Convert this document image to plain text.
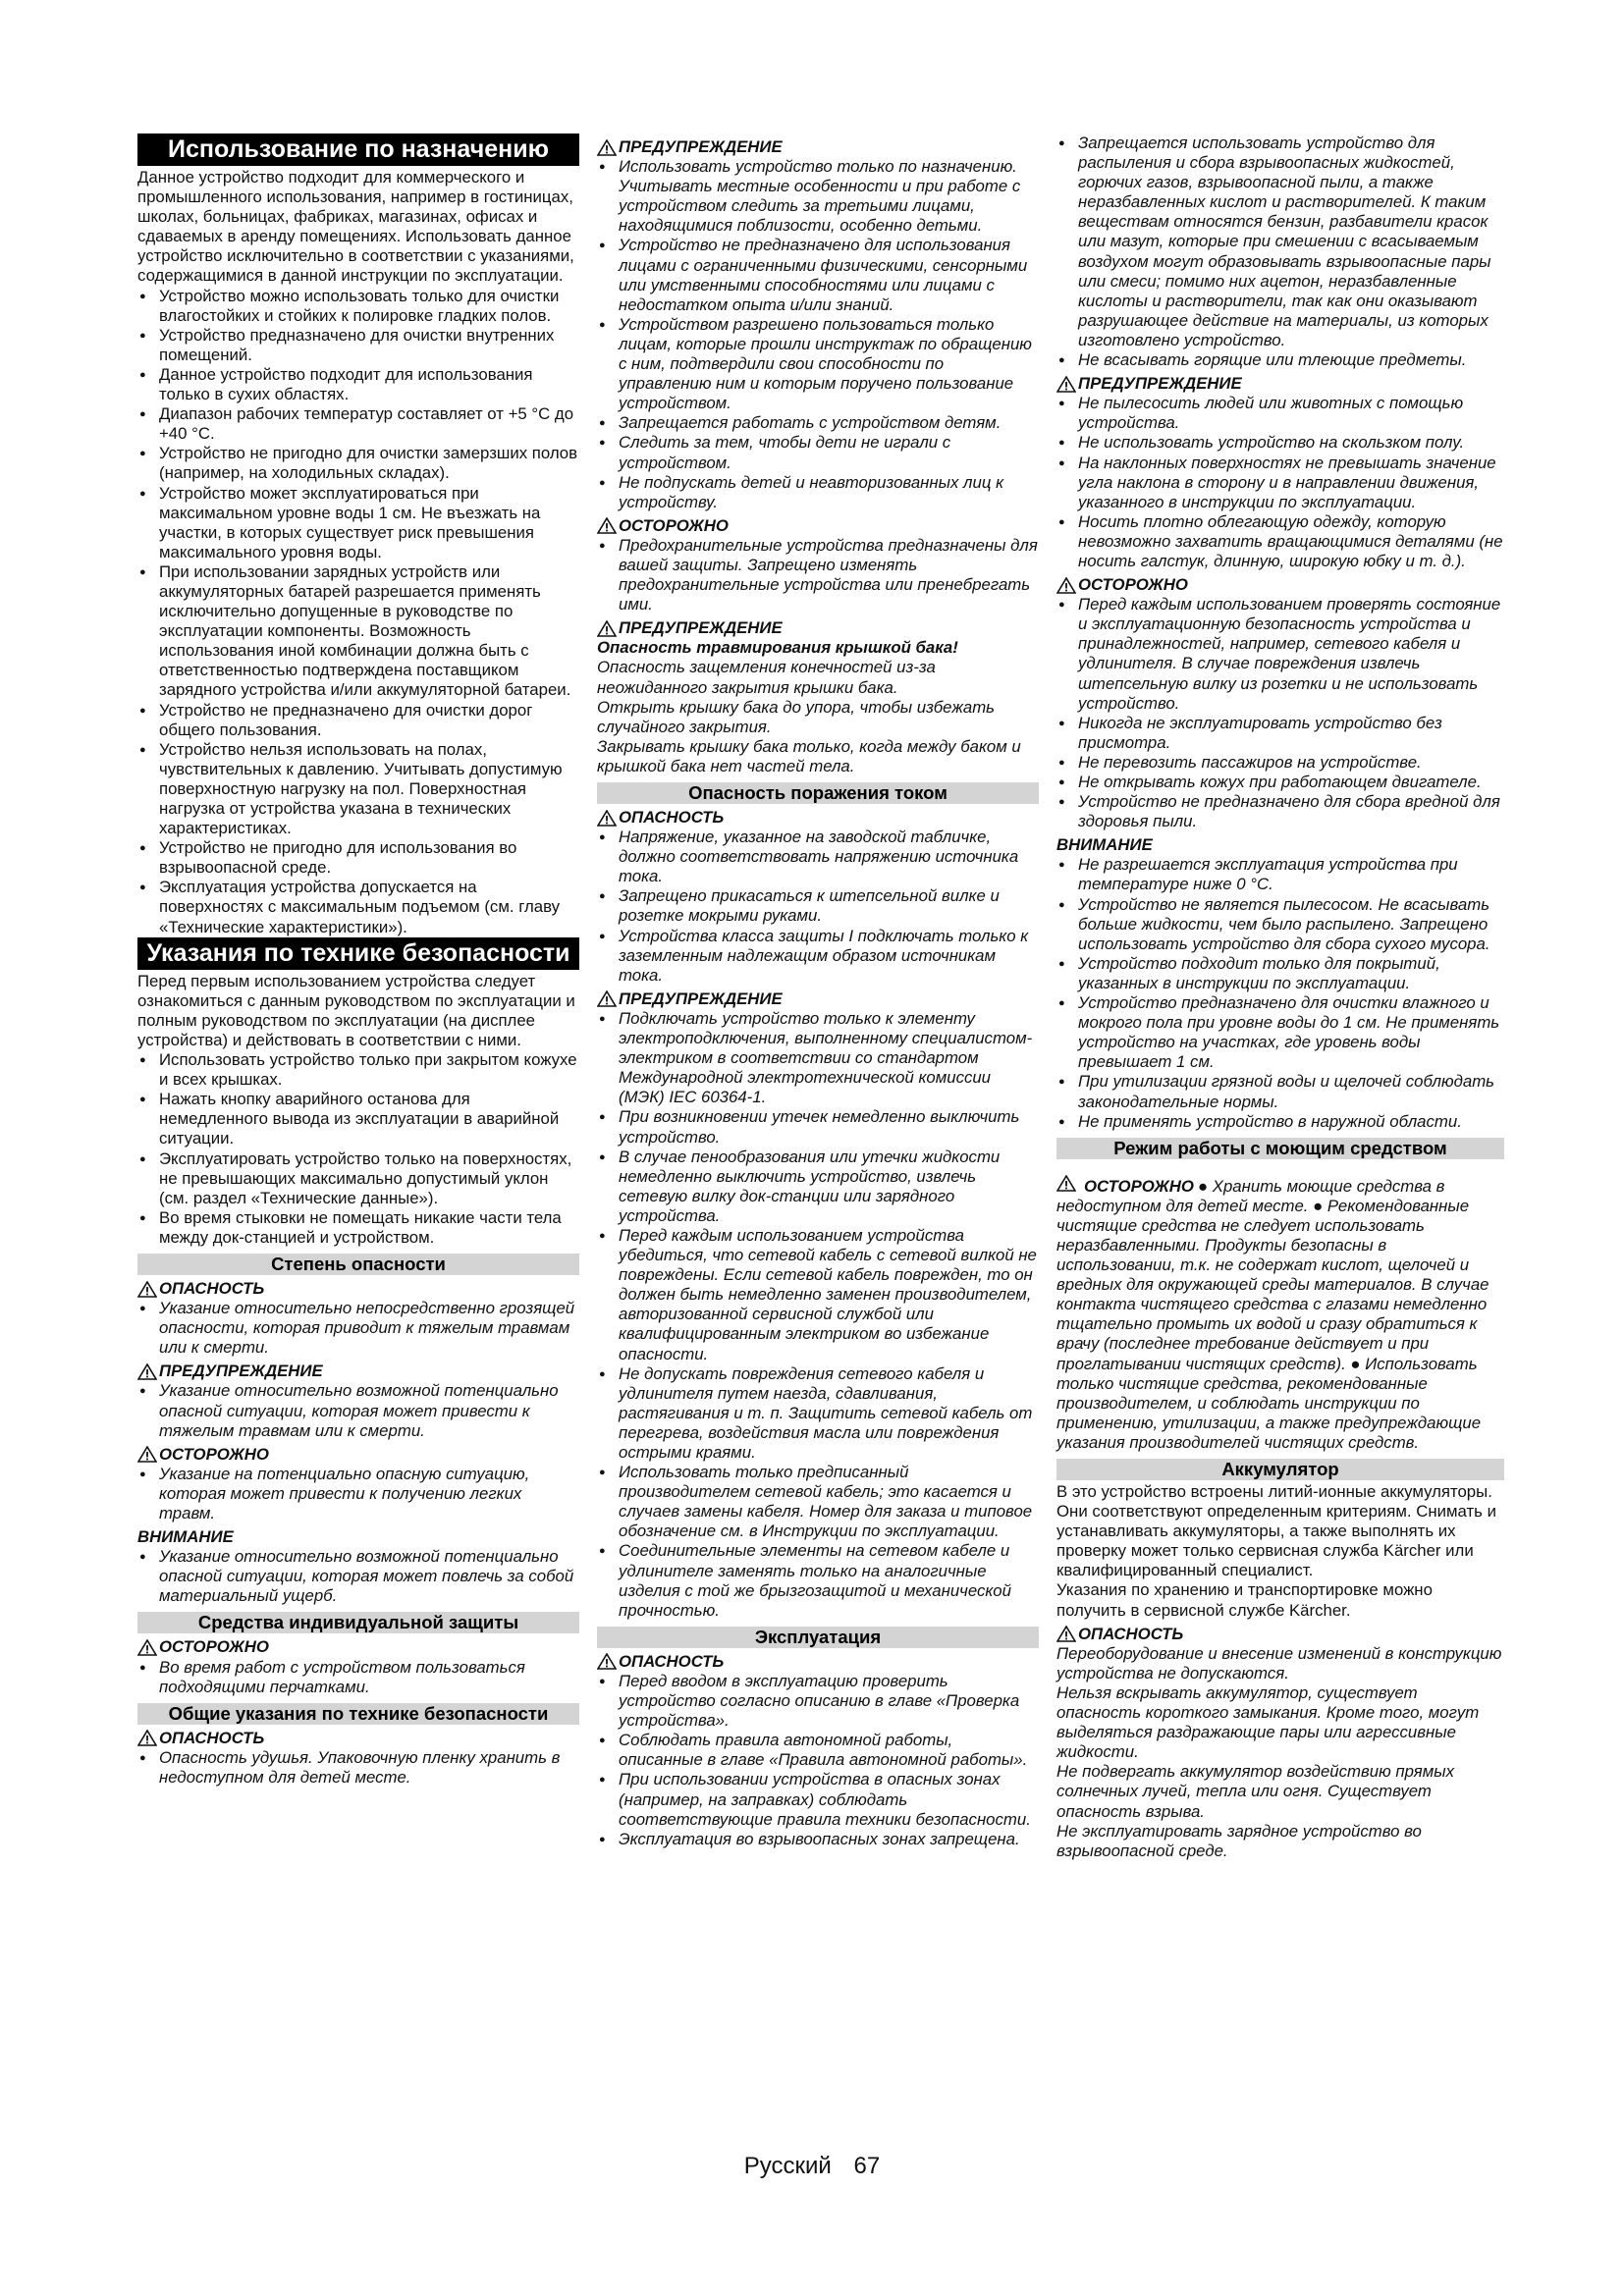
Использование по назначению

Данное устройство подходит для коммерческого и промышленного использования, например в гостиницах, школах, больницах, фабриках, магазинах, офисах и сдаваемых в аренду помещениях. Использовать данное устройство исключительно в соответствии с указаниями, содержащимися в данной инструкции по эксплуатации.

● Устройство можно использовать только для очистки влагостойких и стойких к полировке гладких полов.
● Устройство предназначено для очистки внутренних помещений.
● Данное устройство подходит для использования только в сухих областях.
● Диапазон рабочих температур составляет от +5 °С до +40 °С.
● Устройство не пригодно для очистки замерзших полов (например, на холодильных складах).
● Устройство может эксплуатироваться при максимальном уровне воды 1 см. Не въезжать на участки, в которых существует риск превышения максимального уровня воды.
● При использовании зарядных устройств или аккумуляторных батарей разрешается применять исключительно допущенные в руководстве по эксплуатации компоненты. Возможность использования иной комбинации должна быть с ответственностью подтверждена поставщиком зарядного устройства и/или аккумуляторной батареи.
● Устройство не предназначено для очистки дорог общего пользования.
● Устройство нельзя использовать на полах, чувствительных к давлению. Учитывать допустимую поверхностную нагрузку на пол. Поверхностная нагрузка от устройства указана в технических характеристиках.
● Устройство не пригодно для использования во взрывоопасной среде.
● Эксплуатация устройства допускается на поверхностях с максимальным подъемом (см. главу «Технические характеристики»).
Указания по технике безопасности

Перед первым использованием устройства следует ознакомиться с данным руководством по эксплуатации и полным руководством по эксплуатации (на дисплее устройства) и действовать в соответствии с ними.

● Использовать устройство только при закрытом кожухе и всех крышках.
● Нажать кнопку аварийного останова для немедленного вывода из эксплуатации в аварийной ситуации.
● Эксплуатировать устройство только на поверхностях, не превышающих максимально допустимый уклон (см. раздел «Технические данные»).
● Во время стыковки не помещать никакие части тела между док-станцией и устройством.
Степень опасности
ОПАСНОСТЬ
● Указание относительно непосредственно грозящей опасности, которая приводит к тяжелым травмам или к смерти.
ПРЕДУПРЕЖДЕНИЕ
● Указание относительно возможной потенциально опасной ситуации, которая может привести к тяжелым травмам или к смерти.
ОСТОРОЖНО
● Указание на потенциально опасную ситуацию, которая может привести к получению легких травм.
ВНИМАНИЕ
● Указание относительно возможной потенциально опасной ситуации, которая может повлечь за собой материальный ущерб.
Средства индивидуальной защиты
ОСТОРОЖНО
● Во время работ с устройством пользоваться подходящими перчатками.
Общие указания по технике безопасности
ОПАСНОСТЬ
● Опасность удушья. Упаковочную пленку хранить в недоступном для детей месте.
ПРЕДУПРЕЖДЕНИЕ
● Использовать устройство только по назначению. Учитывать местные особенности и при работе с устройством следить за третьими лицами, находящимися поблизости, особенно детьми.
● Устройство не предназначено для использования лицами с ограниченными физическими, сенсорными или умственными способностями или лицами с недостатком опыта и/или знаний.
● Устройством разрешено пользоваться только лицам, которые прошли инструктаж по обращению с ним, подтвердили свои способности по управлению ним и которым поручено пользование устройством.
● Запрещается работать с устройством детям.
● Следить за тем, чтобы дети не играли с устройством.
● Не подпускать детей и неавторизованных лиц к устройству.
ОСТОРОЖНО
● Предохранительные устройства предназначены для вашей защиты. Запрещено изменять предохранительные устройства или пренебрегать ими.
ПРЕДУПРЕЖДЕНИЕ

Опасность травмирования крышкой бака!

Опасность защемления конечностей из-за неожиданного закрытия крышки бака.

Открыть крышку бака до упора, чтобы избежать случайного закрытия.

Закрывать крышку бака только, когда между баком и крышкой бака нет частей тела.

Опасность поражения током
ОПАСНОСТЬ
● Напряжение, указанное на заводской табличке, должно соответствовать напряжению источника тока.
● Запрещено прикасаться к штепсельной вилке и розетке мокрыми руками.
● Устройства класса защиты I подключать только к заземленным надлежащим образом источникам тока.
ПРЕДУПРЕЖДЕНИЕ
● Подключать устройство только к элементу электроподключения, выполненному специалистом-электриком в соответствии со стандартом Международной электротехнической комиссии (МЭК) IEC 60364-1.
● При возникновении утечек немедленно выключить устройство.
● В случае пенообразования или утечки жидкости немедленно выключить устройство, извлечь сетевую вилку док-станции или зарядного устройства.
● Перед каждым использованием устройства убедиться, что сетевой кабель с сетевой вилкой не повреждены. Если сетевой кабель поврежден, то он должен быть немедленно заменен производителем, авторизованной сервисной службой или квалифицированным электриком во избежание опасности.
● Не допускать повреждения сетевого кабеля и удлинителя путем наезда, сдавливания, растягивания и т. п. Защитить сетевой кабель от перегрева, воздействия масла или повреждения острыми краями.
● Использовать только предписанный производителем сетевой кабель; это касается и случаев замены кабеля. Номер для заказа и типовое обозначение см. в Инструкции по эксплуатации.
● Соединительные элементы на сетевом кабеле и удлинителе заменять только на аналогичные изделия с той же брызгозащитой и механической прочностью.
Эксплуатация
ОПАСНОСТЬ
● Перед вводом в эксплуатацию проверить устройство согласно описанию в главе «Проверка устройства».
● Соблюдать правила автономной работы, описанные в главе «Правила автономной работы».
● При использовании устройства в опасных зонах (например, на заправках) соблюдать соответствующие правила техники безопасности.
● Эксплуатация во взрывоопасных зонах запрещена.
● Запрещается использовать устройство для распыления и сбора взрывоопасных жидкостей, горючих газов, взрывоопасной пыли, а также неразбавленных кислот и растворителей. К таким веществам относятся бензин, разбавители красок или мазут, которые при смешении с всасываемым воздухом могут образовывать взрывоопасные пары или смеси; помимо них ацетон, неразбавленные кислоты и растворители, так как они оказывают разрушающее действие на материалы, из которых изготовлено устройство.
● Не всасывать горящие или тлеющие предметы.
ПРЕДУПРЕЖДЕНИЕ
● Не пылесосить людей или животных с помощью устройства.
● Не использовать устройство на скользком полу.
● На наклонных поверхностях не превышать значение угла наклона в сторону и в направлении движения, указанного в инструкции по эксплуатации.
● Носить плотно облегающую одежду, которую невозможно захватить вращающимися деталями (не носить галстук, длинную, широкую юбку и т. д.).
ОСТОРОЖНО
● Перед каждым использованием проверять состояние и эксплуатационную безопасность устройства и принадлежностей, например, сетевого кабеля и удлинителя. В случае повреждения извлечь штепсельную вилку из розетки и не использовать устройство.
● Никогда не эксплуатировать устройство без присмотра.
● Не перевозить пассажиров на устройстве.
● Не открывать кожух при работающем двигателе.
● Устройство не предназначено для сбора вредной для здоровья пыли.
ВНИМАНИЕ
● Не разрешается эксплуатация устройства при температуре ниже 0 °С.
● Устройство не является пылесосом. Не всасывать больше жидкости, чем было распылено. Запрещено использовать устройство для сбора сухого мусора.
● Устройство подходит только для покрытий, указанных в инструкции по эксплуатации.
● Устройство предназначено для очистки влажного и мокрого пола при уровне воды до 1 см. Не применять устройство на участках, где уровень воды превышает 1 см.
● При утилизации грязной воды и щелочей соблюдать законодательные нормы.
● Не применять устройство в наружной области.
Режим работы с моющим средством

ОСТОРОЖНО ● Хранить моющие средства в недоступном для детей месте. ● Рекомендованные чистящие средства не следует использовать неразбавленными. Продукты безопасны в использовании, т.к. не содержат кислот, щелочей и вредных для окружающей среды материалов. В случае контакта чистящего средства с глазами немедленно тщательно промыть их водой и сразу обратиться к врачу (последнее требование действует и при проглатывании чистящих средств). ● Использовать только чистящие средства, рекомендованные производителем, и соблюдать инструкции по применению, утилизации, а также предупреждающие указания производителей чистящих средств.

Аккумулятор

В это устройство встроены литий-ионные аккумуляторы. Они соответствуют определенным критериям. Снимать и устанавливать аккумуляторы, а также выполнять их проверку может только сервисная служба Kärcher или квалифицированный специалист.

Указания по хранению и транспортировке можно получить в сервисной службе Kärcher.

ОПАСНОСТЬ

Переоборудование и внесение изменений в конструкцию устройства не допускаются.

Нельзя вскрывать аккумулятор, существует опасность короткого замыкания. Кроме того, могут выделяться раздражающие пары или агрессивные жидкости.

Не подвергать аккумулятор воздействию прямых солнечных лучей, тепла или огня. Существует опасность взрыва.

Не эксплуатировать зарядное устройство во взрывоопасной среде.

Русский 67
